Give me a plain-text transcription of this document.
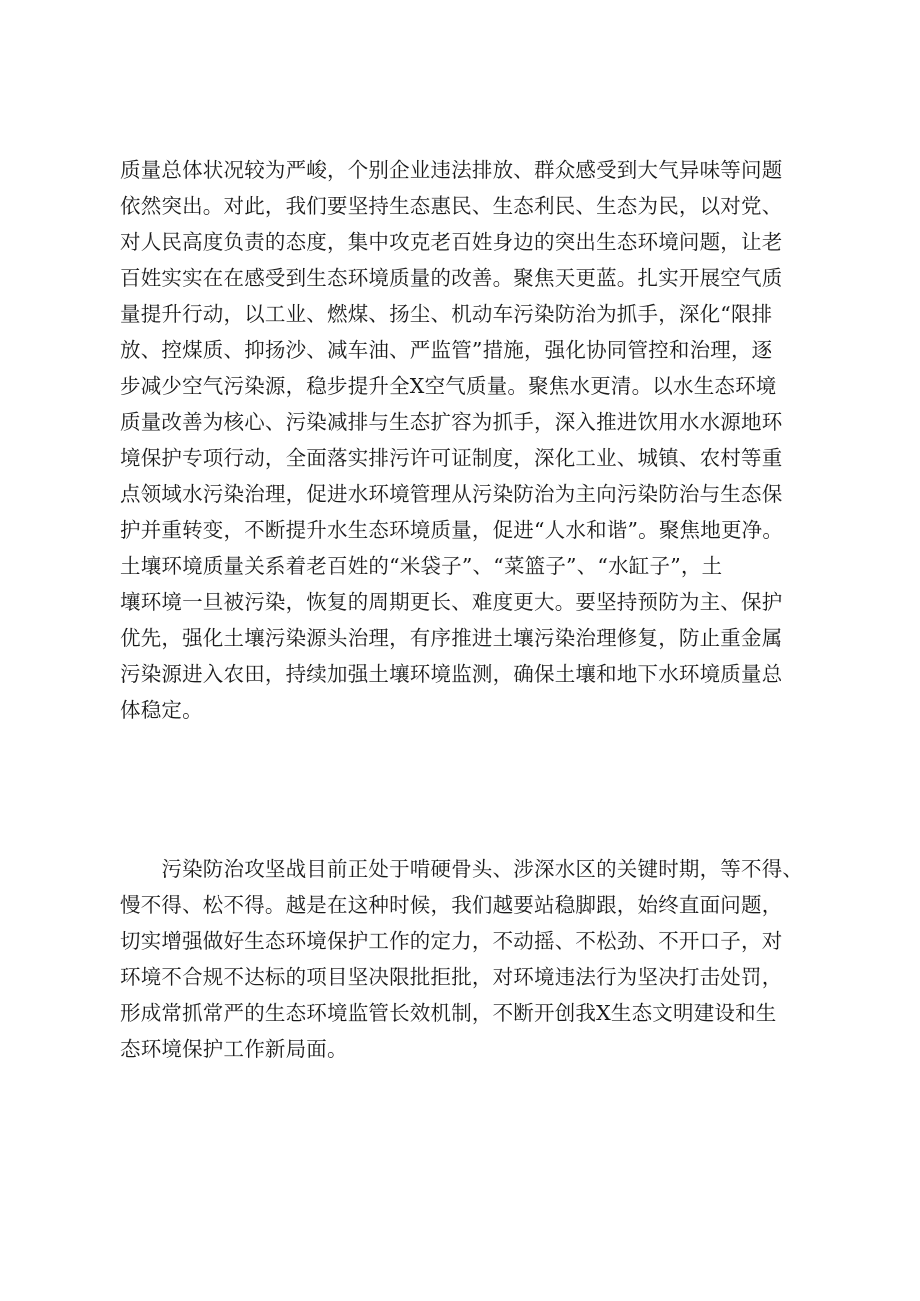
质量总体状况较为严峻，个别企业违法排放、群众感受到大气异味等问题
依然突出。对此，我们要坚持生态惠民、生态利民、生态为民，以对党、
对人民高度负责的态度，集中攻克老百姓身边的突出生态环境问题，让老
百姓实实在在感受到生态环境质量的改善。聚焦天更蓝。扎实开展空气质
量提升行动，以工业、燃煤、扬尘、机动车污染防治为抓手，深化“限排
放、控煤质、抑扬沙、减车油、严监管”措施，强化协同管控和治理，逐
步减少空气污染源，稳步提升全X空气质量。聚焦水更清。以水生态环境
质量改善为核心、污染减排与生态扩容为抓手，深入推进饮用水水源地环
境保护专项行动，全面落实排污许可证制度，深化工业、城镇、农村等重
点领域水污染治理，促进水环境管理从污染防治为主向污染防治与生态保
护并重转变，不断提升水生态环境质量，促进“人水和谐”。聚焦地更净。
土壤环境质量关系着老百姓的“米袋子”、“菜篮子”、“水缸子”，土
壤环境一旦被污染，恢复的周期更长、难度更大。要坚持预防为主、保护
优先，强化土壤污染源头治理，有序推进土壤污染治理修复，防止重金属
污染源进入农田，持续加强土壤环境监测，确保土壤和地下水环境质量总
体稳定。
　　污染防治攻坚战目前正处于啃硬骨头、涉深水区的关键时期，等不得、
慢不得、松不得。越是在这种时候，我们越要站稳脚跟，始终直面问题，
切实增强做好生态环境保护工作的定力，不动摇、不松劲、不开口子，对
环境不合规不达标的项目坚决限批拒批，对环境违法行为坚决打击处罚，
形成常抓常严的生态环境监管长效机制，不断开创我X生态文明建设和生
态环境保护工作新局面。
